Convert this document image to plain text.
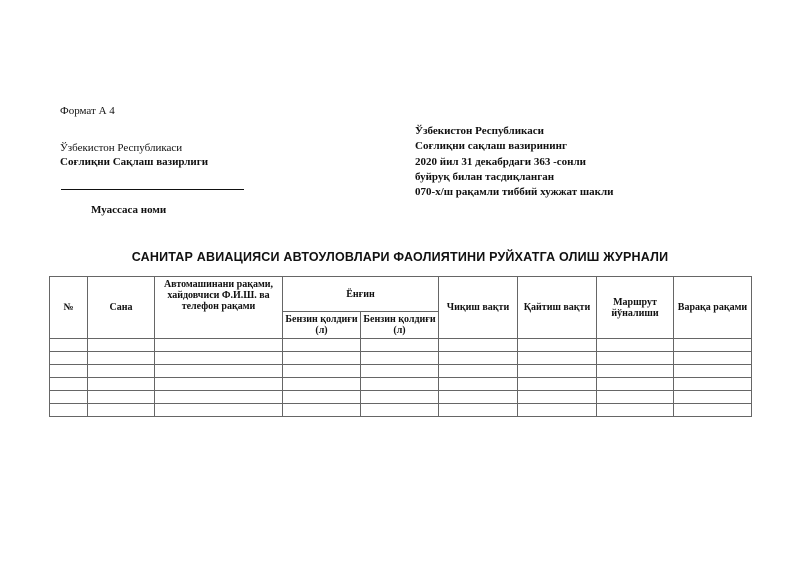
Формат А 4
Ўзбекистон Республикаси
Соғлиқни Сақлаш вазирлиги
Муассаса номи
Ўзбекистон Республикаси
Соғлиқни сақлаш вазирининг
2020 йил 31 декабрдаги 363 -сонли
буйруқ билан тасдиқланган
070-х/ш рақамли тиббий хужжат шакли
САНИТАР АВИАЦИЯСИ АВТОУЛОВЛАРИ ФАОЛИЯТИНИ РУЙХАТГА ОЛИШ ЖУРНАЛИ
№	Сана	Автомашинани рақами, хайдовчиси Ф.И.Ш. ва телефон рақами	Ёнғин		Чиқиш вақти	Қайтиш вақти	Маршрут йўналиши	Варақа рақами
			Бензин қолдиғи (л)	Бензин қолдиғи (л)				
